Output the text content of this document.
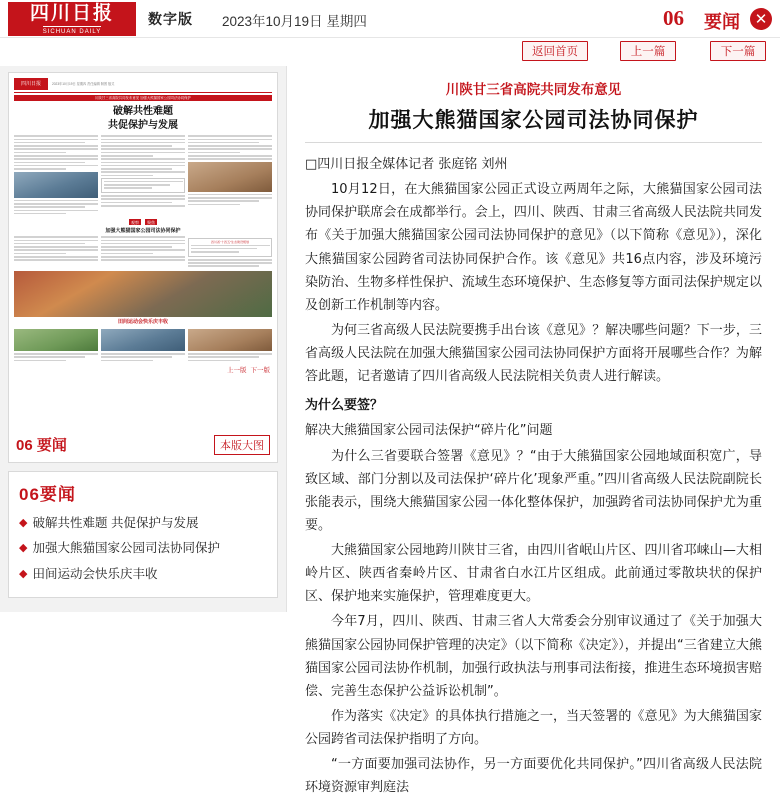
四川日报
SICHUAN DAILY
数字版 2023年10月19日 星期四	06 要闻 ✕
返回首页	上一篇	下一篇
四川日报	2023年10月19日 星期四 责任编辑 制图 版式
川陕甘三省高院共同发布意见 加强大熊猫国家公园司法协同保护
破解共性难题
共促保护与发展
观察	聚焦
加强大熊猫国家公园司法协同保护
四川省“十四五”生态建设规划
田间运动会快乐庆丰收
上一版 下一版
06 要闻	本版大图
06要闻
◆ 破解共性难题 共促保护与发展
◆ 加强大熊猫国家公园司法协同保护
◆ 田间运动会快乐庆丰收
川陕甘三省高院共同发布意见
加强大熊猫国家公园司法协同保护

□四川日报全媒体记者 张庭铭 刘州

10月12日，在大熊猫国家公园正式设立两周年之际，大熊猫国家公园司法协同保护联席会在成都举行。会上，四川、陕西、甘肃三省高级人民法院共同发布《关于加强大熊猫国家公园司法协同保护的意见》（以下简称《意见》），深化大熊猫国家公园跨省司法协同保护合作。该《意见》共16点内容，涉及环境污染防治、生物多样性保护、流域生态环境保护、生态修复等方面司法保护规定以及创新工作机制等内容。

为何三省高级人民法院要携手出台该《意见》？解决哪些问题？下一步，三省高级人民法院在加强大熊猫国家公园司法协同保护方面将开展哪些合作？为解答此题，记者邀请了四川省高级人民法院相关负责人进行解读。

为什么要签？

解决大熊猫国家公园司法保护“碎片化”问题

为什么三省要联合签署《意见》？“由于大熊猫国家公园地域面积宽广，导致区域、部门分割以及司法保护‘碎片化’现象严重。”四川省高级人民法院副院长张能表示，围绕大熊猫国家公园一体化整体保护，加强跨省司法协同保护尤为重要。

大熊猫国家公园地跨川陕甘三省，由四川省岷山片区、四川省邛崃山—大相岭片区、陕西省秦岭片区、甘肃省白水江片区组成。此前通过零散块状的保护区、保护地来实施保护，管理难度更大。

今年7月，四川、陕西、甘肃三省人大常委会分别审议通过了《关于加强大熊猫国家公园协同保护管理的决定》（以下简称《决定》），并提出“三省建立大熊猫国家公园司法协作机制，加强行政执法与刑事司法衔接，推进生态环境损害赔偿、完善生态保护公益诉讼机制”。

作为落实《决定》的具体执行措施之一，当天签署的《意见》为大熊猫国家公园跨省司法保护指明了方向。

“一方面要加强司法协作，另一方面要优化共同保护。”四川省高级人民法院环境资源审判庭法
